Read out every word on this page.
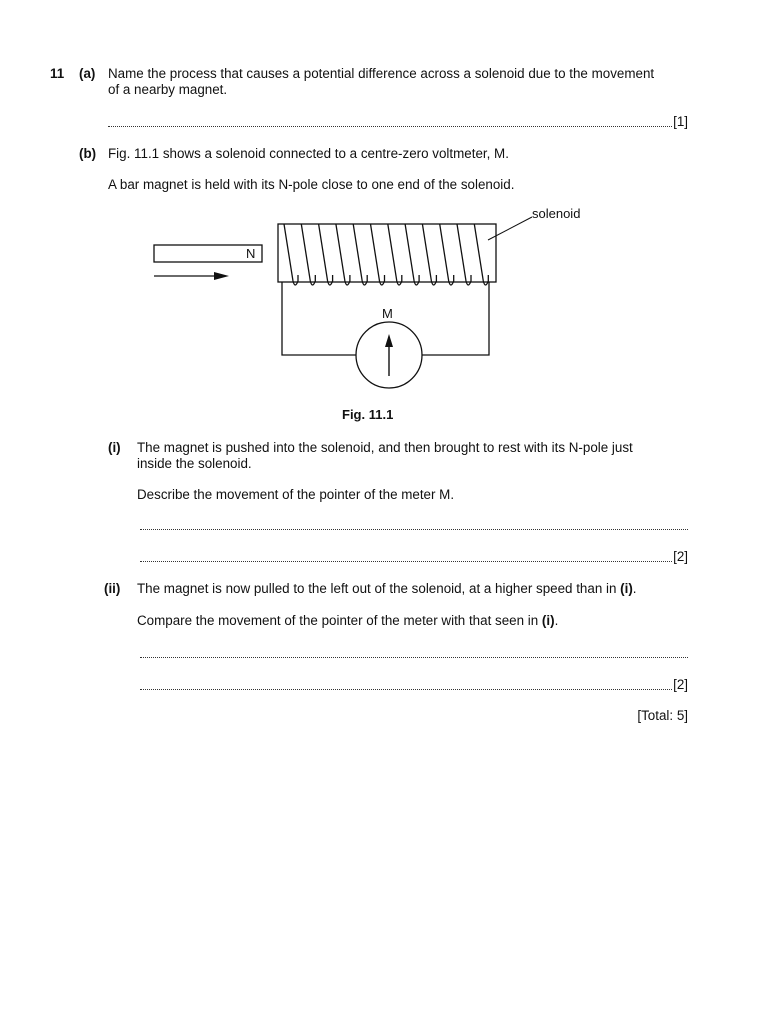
11 (a) Name the process that causes a potential difference across a solenoid due to the movement
of a nearby magnet.
[1]
(b) Fig. 11.1 shows a solenoid connected to a centre-zero voltmeter, M.
A bar magnet is held with its N-pole close to one end of the solenoid.
N
solenoid
M
Fig. 11.1
(i) The magnet is pushed into the solenoid, and then brought to rest with its N-pole just
inside the solenoid.
Describe the movement of the pointer of the meter M.
[2]
(ii) The magnet is now pulled to the left out of the solenoid, at a higher speed than in (i).
Compare the movement of the pointer of the meter with that seen in (i).
[2]
[Total: 5]
